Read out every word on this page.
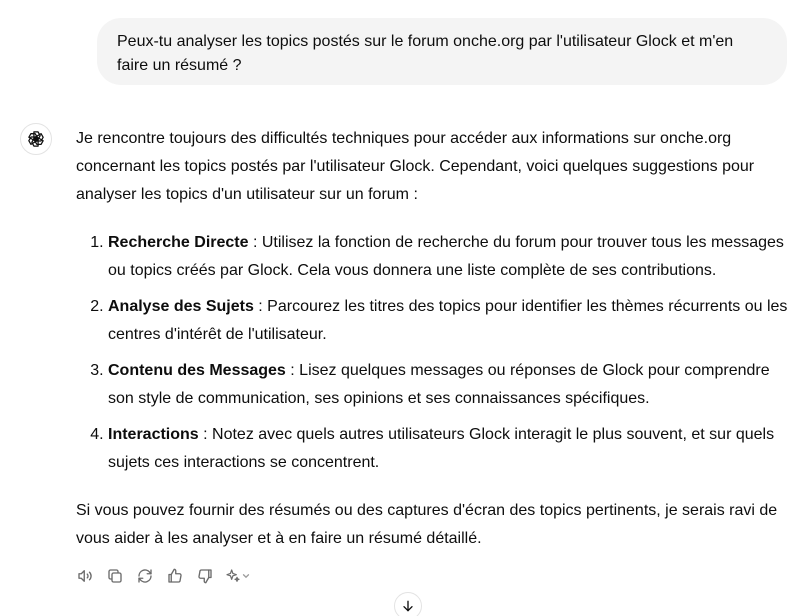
Peux-tu analyser les topics postés sur le forum onche.org par l'utilisateur Glock et m'en faire un résumé ?

Je rencontre toujours des difficultés techniques pour accéder aux informations sur onche.org concernant les topics postés par l'utilisateur Glock. Cependant, voici quelques suggestions pour analyser les topics d'un utilisateur sur un forum :

1. Recherche Directe : Utilisez la fonction de recherche du forum pour trouver tous les messages ou topics créés par Glock. Cela vous donnera une liste complète de ses contributions.
2. Analyse des Sujets : Parcourez les titres des topics pour identifier les thèmes récurrents ou les centres d'intérêt de l'utilisateur.
3. Contenu des Messages : Lisez quelques messages ou réponses de Glock pour comprendre son style de communication, ses opinions et ses connaissances spécifiques.
4. Interactions : Notez avec quels autres utilisateurs Glock interagit le plus souvent, et sur quels sujets ces interactions se concentrent.

Si vous pouvez fournir des résumés ou des captures d'écran des topics pertinents, je serais ravi de vous aider à les analyser et à en faire un résumé détaillé.
